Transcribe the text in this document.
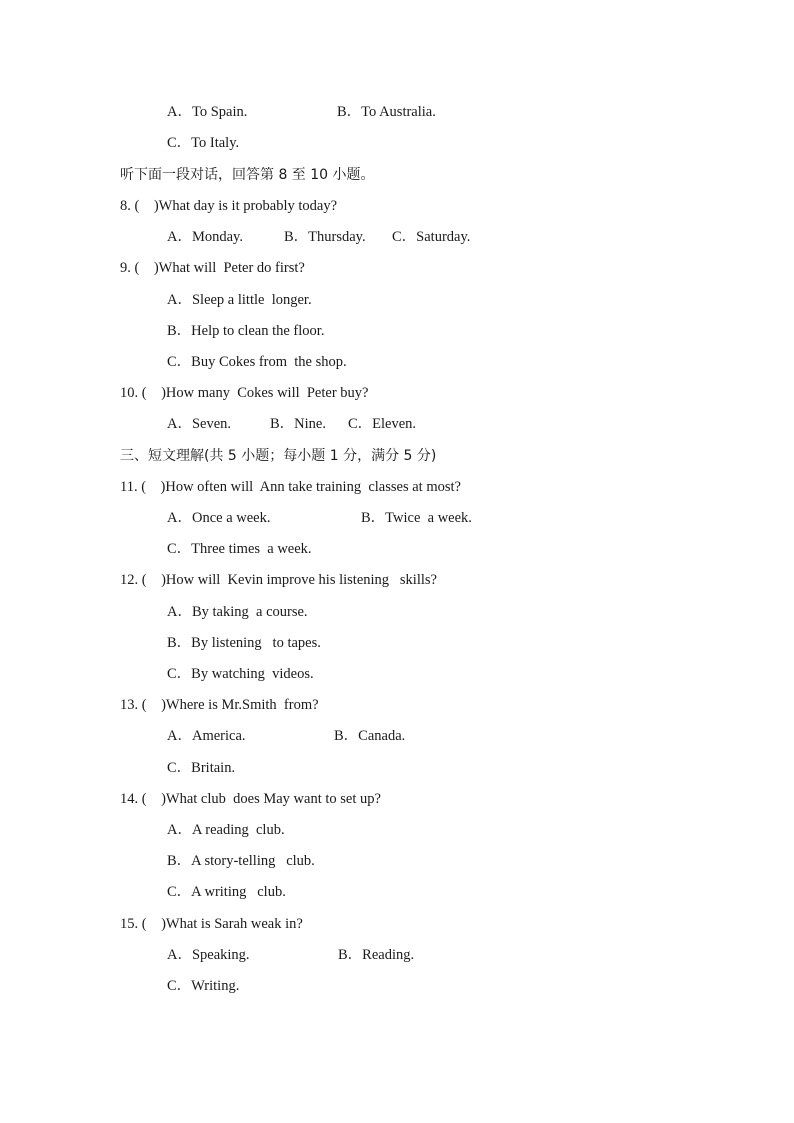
A．To Spain.	B．To Australia.
C．To Italy.
听下面一段对话，回答第 8 至 10 小题。
8. (    )What day is it probably today?
A．Monday.	B．Thursday. C．Saturday.
9. (    )What will  Peter do first?
A．Sleep a little  longer.
B．Help to clean the floor.
C．Buy Cokes from  the shop.
10. (    )How many  Cokes will  Peter buy?
A．Seven.	B．Nine. C．Eleven.
三、短文理解(共 5 小题；每小题 1 分，满分 5 分)
11. (    )How often will  Ann take training  classes at most?
A．Once a week.	B．Twice  a week.
C．Three times  a week.
12. (    )How will  Kevin improve his listening   skills?
A．By taking  a course.
B．By listening   to tapes.
C．By watching  videos.
13. (    )Where is Mr.Smith  from?
A．America.	B．Canada.
C．Britain.
14. (    )What club  does May want to set up?
A．A reading  club.
B．A story-telling   club.
C．A writing   club.
15. (    )What is Sarah weak in?
A．Speaking.	B．Reading.
C．Writing.
